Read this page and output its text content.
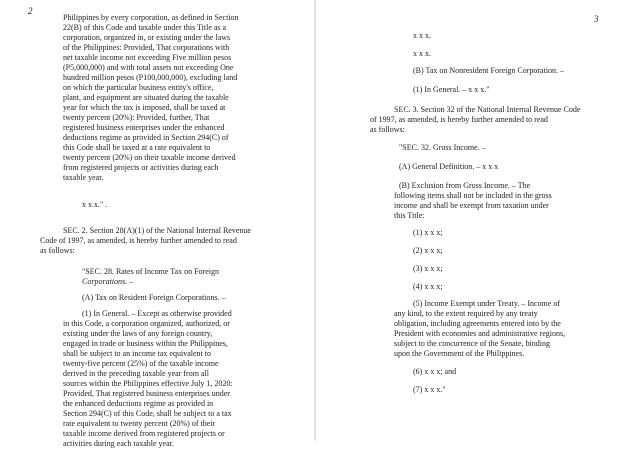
2
Philippines by every corporation, as defined in Section
22(B) of this Code and taxable under this Title as a
corporation, organized in, or existing under the laws
of the Philippines: Provided, That corporations with
net taxable income not exceeding Five million pesos
(P5,000,000) and with total assets not exceeding One
hundred million pesos (P100,000,000), excluding land
on which the particular business entity's office,
plant, and equipment are situated during the taxable
year for which the tax is imposed, shall be taxed at
twenty percent (20%): Provided, further, That
registered business enterprises under the enhanced
deductions regime as provided in Section 294(C) of
this Code shall be taxed at a rate equivalent to
twenty percent (20%) on their taxable income derived
from registered projects or activities during each
taxable year.
x x x." .
SEC. 2. Section 28(A)(1) of the National Internal Revenue
Code of 1997, as amended, is hereby further amended to read
as follows:
"SEC. 28. Rates of Income Tax on Foreign
Corporations. –
(A) Tax on Resident Foreign Corporations. –
(1) In General. – Except as otherwise provided
in this Code, a corporation organized, authorized, or
existing under the laws of any foreign country,
engaged in trade or business within the Philippines,
shall be subject to an income tax equivalent to
twenty-five percent (25%) of the taxable income
derived in the preceding taxable year from all
sources within the Philippines effective July 1, 2020:
Provided, That registered business enterprises under
the enhanced deductions regime as provided in
Section 294(C) of this Code, shall be subject to a tax
rate equivalent to twenty percent (20%) of their
taxable income derived from registered projects or
activities during each taxable year.
3
x x x.
x x x.
(B) Tax on Nonresident Foreign Corporation. –
(1) In General. – x x x."
SEC. 3. Section 32 of the National Internal Revenue Code
of 1997, as amended, is hereby further amended to read
as follows:
"SEC. 32. Gross Income. –
(A) General Definition. – x x x
(B) Exclusion from Gross Income. – The
following items shall not be included in the gross
income and shall be exempt from taxation under
this Title:
(1) x x x;
(2) x x x;
(3) x x x;
(4) x x x;
(5) Income Exempt under Treaty. – Income of
any kind, to the extent required by any treaty
obligation, including agreements entered into by the
President with economies and administrative regions,
subject to the concurrence of the Senate, binding
upon the Government of the Philippines.
(6) x x x; and
(7) x x x."
